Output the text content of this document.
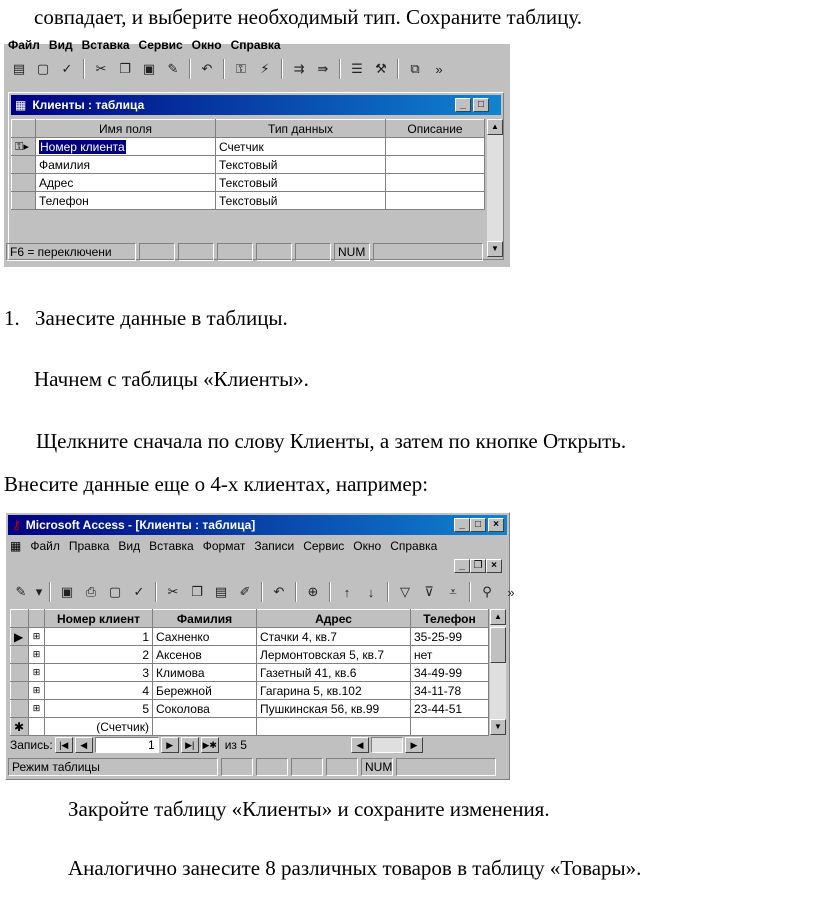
совпадает, и выберите необходимый тип. Сохраните таблицу.
Файл Вид Вставка Сервис Окно Справка
▤ ▢ ✓	✂ ❐ ▣ ✎	↶	⚿	⚡	⇉	⇛	☰ ⚒	⧉	»
▦ Клиенты : таблица	_	□
	Имя поля	Тип данных	Описание
⚿▸	Номер клиента	Счетчик	
	Фамилия	Текстовый	
	Адрес	Текстовый	
	Телефон	Текстовый	
▲
▼
F6 = переключени	NUM
1. Занесите данные в таблицы.
Начнем с таблицы «Клиенты».
Щелкните сначала по слову Клиенты, а затем по кнопке Открыть.
Внесите данные еще о 4-х клиентах, например:
⚷ Microsoft Access - [Клиенты : таблица]	_	□	×
▦ Файл Правка Вид Вставка Формат Записи Сервис Окно Справка
_ ❐ ×
✎ ▾	▣ ⎙ ▢ ✓	✂ ❐ ▤ ✐	↶	⊕	↑	↓	▽	⊽	⩡	⚲	»
		Номер клиент	Фамилия	Адрес	Телефон
▶	⊞	1	Сахненко	Стачки 4, кв.7	35-25-99
	⊞	2	Аксенов	Лермонтовская 5, кв.7	нет
	⊞	3	Климова	Газетный 41, кв.6	34-49-99
	⊞	4	Бережной	Гагарина 5, кв.102	34-11-78
	⊞	5	Соколова	Пушкинская 56, кв.99	23-44-51
✱		(Счетчик)			
▲
▼
Запись: |◀	◀	1	▶	▶| ▶✱ из 5	◀	▶
Режим таблицы	NUM
Закройте таблицу «Клиенты» и сохраните изменения.
Аналогично занесите 8 различных товаров в таблицу «Товары».
